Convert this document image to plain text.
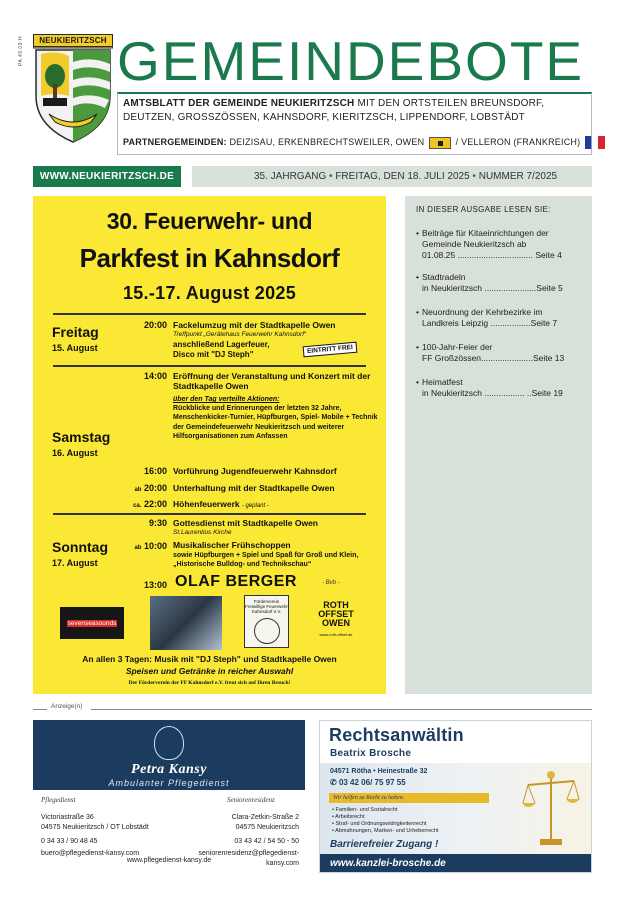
PA 49.09.H	NEUKIERITZSCH GEMEINDEBOTE
AMTSBLATT DER GEMEINDE NEUKIERITZSCH MIT DEN ORTSTEILEN BREUNSDORF, DEUTZEN, GROSSZÖSSEN, KAHNSDORF, KIERITZSCH, LIPPENDORF, LOBSTÄDT
PARTNERGEMEINDEN: DEIZISAU, ERKENBRECHTSWEILER, OWEN	/ VELLERON (FRANKREICH)
WWW.NEUKIERITZSCH.DE	35. JAHRGANG • FREITAG, DEN 18. JULI 2025 • NUMMER 7/2025
30. Feuerwehr- und
Parkfest in Kahnsdorf
15.-17. August 2025
Freitag
15. August
20:00 Fackelumzug mit der Stadtkapelle Owen
Treffpunkt „Gerätehaus Feuerwehr Kahnsdorf“
anschließend Lagerfeuer,
Disco mit "DJ Steph"	EINTRITT FREI
Samstag
16. August
14:00 Eröffnung der Veranstaltung und Konzert mit der Stadtkapelle Owen
über den Tag verteilte Aktionen:
Rückblicke und Erinnerungen der letzten 32 Jahre, Menschenkicker-Turnier, Hüpfburgen, Spiel- Mobile + Technik der Gemeindefeuerwehr Neukieritzsch und weiterer Hilfsorganisationen zum Anfassen
16:00 Vorführung Jugendfeuerwehr Kahnsdorf
ab 20:00 Unterhaltung mit der Stadtkapelle Owen
ca. 22:00 Höhenfeuerwerk - geplant -
Sonntag
17. August
9:30 Gottesdienst mit Stadtkapelle Owen
St.Laurentius Kirche
ab 10:00 Musikalischer Frühschoppen
sowie Hüpfburgen + Spiel und Spaß für Groß und Klein, „Historische Bulldog- und Technikschau“
13:00 OLAF BERGER	- Bvb -
sevenseasounds
Förderverein Freiwillige Feuerwehr Kahnsdorf e.V.
ROTH OFFSET OWEN
www.roth-offset.de
An allen 3 Tagen: Musik mit "DJ Steph" und Stadtkapelle Owen
Speisen und Getränke in reicher Auswahl
Der Förderverein der FF Kahnsdorf e.V. freut sich auf Ihren Besuch!
IN DIESER AUSGABE LESEN SIE:
• Beiträge für Kitaeinrichtungen der Gemeinde Neukieritzsch ab
01.08.25 ................................ Seite 4
• Stadtradeln
in Neukieritzsch ......................Seite 5
• Neuordnung der Kehrbezirke im
Landkreis Leipzig .................Seite 7
• 100-Jahr-Feier der
FF Großzössen......................Seite 13
• Heimatfest
in Neukieritzsch ................. ..Seite 19
Anzeige(n)
Petra Kansy
Ambulanter Pflegedienst
Pflegedienst	Seniorenresidenz
Victoriastraße 36
04575 Neukieritzsch / OT Lobstädt
0 34 33 / 90 48 45
buero@pflegedienst-kansy.com
Clara-Zetkin-Straße 2
04575 Neukieritzsch
03 43 42 / 54 50 - 50
seniorenresidenz@pflegedienst-kansy.com
www.pflegedienst-kansy.de
Rechtsanwältin
Beatrix Brosche
04571 Rötha • Heinestraße 32
✆ 03 42 06/ 75 97 55
Wir helfen zu Recht zu haben.
• Familien- und Sozialrecht
• Arbeitsrecht
• Straf- und Ordnungswidrigkeitenrecht
• Abmahnungen, Marken- und Urheberrecht
Barrierefreier Zugang !
www.kanzlei-brosche.de
